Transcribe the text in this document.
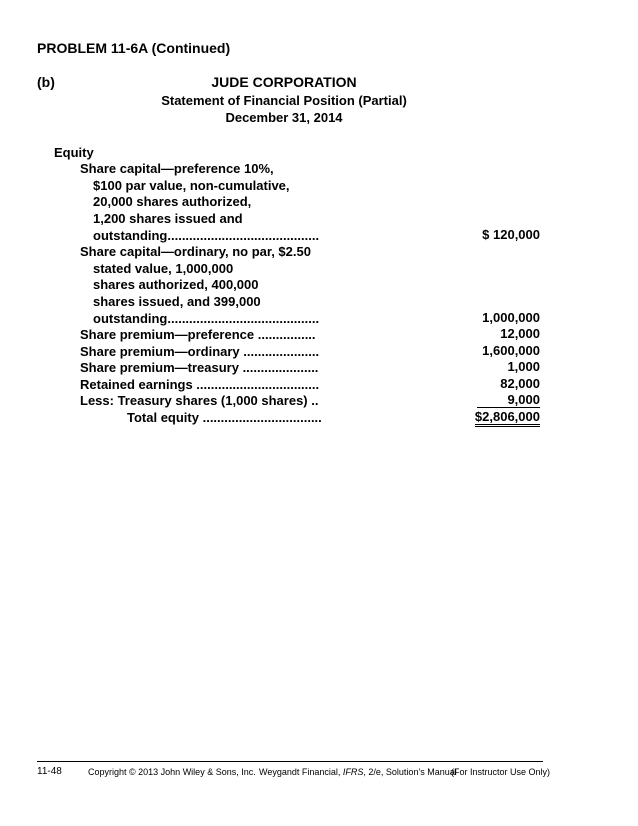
PROBLEM 11-6A (Continued)
(b)	JUDE CORPORATION
Statement of Financial Position (Partial)
December 31, 2014
Equity
Share capital—preference 10%,
$100 par value, non-cumulative,
20,000 shares authorized,
1,200 shares issued and
outstanding..........................................	$ 120,000
Share capital—ordinary, no par, $2.50
stated value, 1,000,000
shares authorized, 400,000
shares issued, and 399,000
outstanding..........................................	1,000,000
Share premium—preference ................	12,000
Share premium—ordinary .....................	1,600,000
Share premium—treasury .....................	1,000
Retained earnings ..................................	82,000
Less: Treasury shares (1,000 shares) ..	9,000
Total equity .................................	$2,806,000
11-48	Copyright © 2013 John Wiley & Sons, Inc. Weygandt Financial, IFRS, 2/e, Solution’s Manual
(For Instructor Use Only)
